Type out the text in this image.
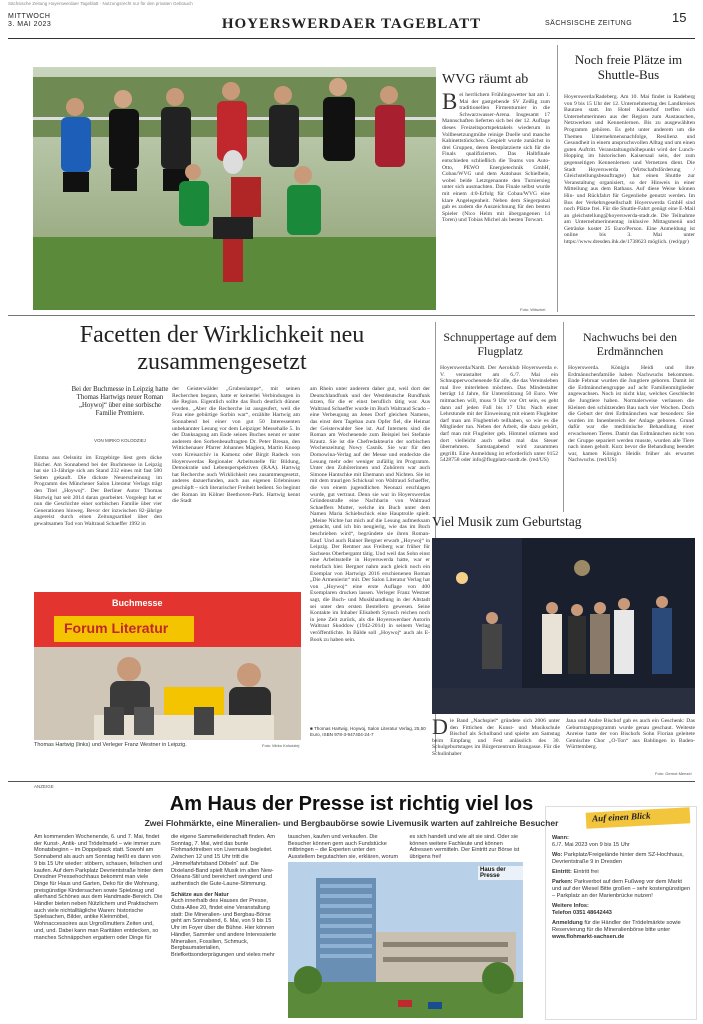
Sächsische Zeitung Hoyerswerdaer Tageblatt · Nutzungsrecht nur für den privaten Gebrauch
MITTWOCH
3. MAI 2023	HOYERSWERDAER TAGEBLATT	SÄCHSISCHE ZEITUNG	15
WVG räumt ab
B ei herrlichem Frühlingswetter hat am 1. Mai der gastgebende SV Zeißig zum traditionellen Firmenturnier in die Schwarzwasser-Arena. Insgesamt 17 Mannschaften lieferten sich bei der 12. Auflage dieses Freizeitsportspektakels wiederum in Vollbesetzungmühe reinige Duelle und manche Kabinettstückchen. Gespielt wurde zunächst in drei Gruppen, deren Bestplatzierte sich für die Finals qualifizierten. Das Halbfinale entschieden schließlich die Teams von Auto-Otto, PEWO Energietechnik GmbH, Cobau/WVG und dem Autohaus Schielbein, wobei beide Letztgenannte den Turniersieg unter sich ausmachten. Das Finale selbst wurde mit einem 4:0-Erfolg für Cobau/WVG eine klare Angelegenheit. Neben dem Siegerpokal gab es zudem die Auszeichnung für den besten Spieler (Nico Helm mit übergangenen 14 Toren) und Tobias Michel als besten Torwart.
Foto: Witschel
Noch freie Plätze im Shuttle-Bus
Hoyerswerda/Radeberg. Am 10. Mai findet in Radeberg von 9 bis 15 Uhr der 12. Unternehmertag des Landkreises Bautzen statt. Im Hotel Kaiserhof treffen sich Unternehmerinnen aus der Region zum Austauschen, Netzwerken und Kennenlernen. Bis zu ausgewählten Programm gehören. Es geht unter anderem um die Themen Unternehmensnachfolge, Resilienz und Gesundheit in einem anspruchsvollen Alltag und um einen guten Auftritt. Veranstaltungshöhepunkt wird der Lunch-Hopping im historischen Kaisersaal sein, der zum gegenseitigen Kennenlernen und Vernetzen dient. Die Stadt Hoyerswerda (Wirtschaftsförderung / Gleichstellungsbeauftragte) hat einen Shuttle zur Veranstaltung organisiert, so der Hinweis in einer Mitteilung aus dem Rathaus. Auf diese Weise können Hin- und Rückfahrt für Gegenliebe genutzt werden. Im Bus der Verkehrsgesellschaft Hoyerswerda GmbH sind noch Plätze frei. Für die Shuttle-Fahrt genügt eine E-Mail an gleichstellung@hoyerswerda-stadt.de. Die Teilnahme am Unternehmerinnentag inklusive Mittagsmenü und Getränke kostet 25 Euro/Person. Eine Anmeldung ist online bis 3. Mai unter https://www.dresden.ihk.de/1738623 möglich. (red/pgr)
Facetten der Wirklichkeit neu zusammengesetzt
Bei der Buchmesse in Leipzig hatte Thomas Hartwigs neuer Roman „Hoywoj“ über eine sorbische Familie Premiere.
VON MIRKO KOLODZIEJ
Emma aus Oelsnitz im Erzgebirge liest gern dicke Bücher. Am Sonnabend bei der Buchmesse in Leipzig hat sie 13-Jährige sich am Stand 232 eines mit fast 580 Seiten gekauft. Die dickste Neuerscheinung im Programm des Münchener Salon Literatur Verlags trägt den Titel „Hoywoj“. Der Berliner Autor Thomas Hartwig hat seit 2014 daran gearbeitet. Vorgelegt hat er nun die Geschichte einer sorbischen Familie über vier Generationen hinweg. Bevor der inzwischen 82-jährige angereist durch einen Zeitungsartikel über den gewaltsamen Tod von Waltraud Schaeffer 1992 in
der Geisterwälder „Grubenlampe“, mit seinen Recherchen begann, hatte er keinerlei Verbindungen in die Region. Eigentlich sollte das Buch deutlich dünner werden. „Aber die Recherche ist ausgeufert, weil die Frau eine gebürtige Sorbin war“, erzählte Hartwig am Sonnabend bei einer von gut 50 Interessenten unbekannter Lesung vor dem Leipziger Messehalle 5. In der Danksagung am Ende seines Buches nennt er unter anderem den Sorbenbeauftragten Dr. Peter Bresan, den Wittichenauer Pfarrer Johannes Magiera, Martin Knoop vom Kreisarchiv in Kamenz oder Birgit Radeck von Hoyerswerdas Regionaler Arbeitsstelle für Bildung, Demokratie und Lebensperspektiven (RAA). Hartwig hat Recherche auch Wirklichkeit neu zusammengesetzt, anderes dazuerfunden, auch aus eigenen Erlebnissen geschöpft – sich literarischer Freiheit bedient. So beginnt der Roman im Kölner Beethoven-Park. Hartwig kennt die Stadt
am Rhein unter anderem daher gut, weil dort der Deutschlandfunk und der Westdeutsche Rundfunk sitzen, für die er einst beruflich tätig war. Aus Waltraud Schaeffer wurde im Buch Waltraud Scado – eine Verbeugung an Jenes Dorf gleichen Namens, das einst dem Tagebau zum Opfer fiel, die Heimat der Geisterwalder See ist. Auf Internets sind die Roman am Wochenende zum Beispiel bei Stefanie Krautz. Sie ist die Chefredakteurin der sorbischen Wochenzeitung Nowy Casnik. Sie war für den Domowina-Verlag auf der Messe und entdeckte die Lesung mehr oder weniger zufällig im Programm. Unter den Zuhörerinnen und Zuhörern war auch Simone Hantschke mit Ehemann und Nichten. Sie ist mit dem traurigen Schicksal von Waltraud Schaeffer, die von einem jugendlichen Neonazi erschlagen wurde, gut vertraut. Denn sie war in Hoyerswerdas Gründenstraße eine Nachbarin von Waltraud Schaeffers Mutter, welche im Buch unter dem Namen Maria Schiebschick eine Hauptrolle spielt. „Meine Nichte hat mich auf die Lesung aufmerksam gemacht, und ich bin neugierig, wie das im Buch beschrieben wird“, begründete sie ihren Roman-Kauf. Und auch Rainer Bergner erwarb „Hoywoj“ in Leipzig. Der Rentner aus Freiberg war früher für Sachsens Oberbergamt tätig. Und weil das Sohn einst eine Arbeitsstelle in Hoyerswerda hatte, war er mehrfach hier. Bergner nahm auch gleich noch ein Exemplar von Hartwigs 2016 erschienenen Roman „Die Armenierin“ mit. Der Salon Literatur Verlag hat von „Hoywoj“ eine erste Auflage von 400 Exemplaren drucken lassen. Verleger Franz Westner sagt, die Buch- und Musikhandlung in der Altstadt sei unter den ersten Bestellern gewesen. Seine Kontakte im Inhaber Elisabeth Synuch reichen noch in jene Zeit zurück, als die Hoyerswerdaer Autorin Waltraut Skoddow (1942-2014) in seinem Verlag veröffentlichte. In Bälde soll „Hoywoj“ auch als E-Book zu haben sein.
■ Thomas Hartwig, Hoywoj, Salon Literatur Verlag, 25,50 Euro, ISBN 978-3-947404-24-7
Buchmesse
Forum Literatur
Thomas Hartwig (links) und Verleger Franz Westner in Leipzig.	Foto: Mirko Kolodziej
Schnuppertage auf dem Flugplatz
Hoyerswerda/Nardt. Der Aeroklub Hoyerswerda e. V. veranstaltet am 6./7. Mai ein Schnupperwochenende für alle, die das Vereinsleben mal live miterleben möchten. Das Mindestalter beträgt 14 Jahre, für Unterstützung 50 Euro. Wer mitmachen will, muss 9 Uhr vor Ort sein, es geht dann auf jeden Fall bis 17 Uhr. Nach einer Lehrstunde mit der Einweisung mit einem Flugleiter darf man am Flugbetrieb teilhaben, so wie es die Mitglieder tun. Neben der Arbeit, die dazu gehört, darf man mit Flugleiter geb. Himmel stürmen und dort vielleicht auch selbst mal das Steuer übernehmen. Samstagabend wird zusammen gegrillt. Eine Anmeldung ist erforderlich unter 0152 5428758 oder info@flugplatz-nardt.de. (red/US)
Nachwuchs bei den Erdmännchen
Hoyerswerda. Königin Heidi und ihre Erdmännchenfamilie haben Nachwuchs bekommen. Ende Februar wurden die Jungtiere geboren. Damit ist die Erdmännchengruppe auf acht Familienmitglieder angewachsen. Noch ist nicht klar, welches Geschlecht die Jungtiere haben. Normalerweise verlassen die Kleinen den schützenden Bau nach vier Wochen. Doch die Geburt der drei Erdmännchen war besonders: Sie wurden im Innenbereich der Anlage geboren. Grund dafür war die meditinische Behandlung einer erwachsenen Tieres. Damit das Erdmännchen nicht von der Gruppe separiert werden musste, wurden alle Tiere nach innen geholt. Kurz bevor die Behandlung beendet war, kamen Königin Heidis früher als erwartet Nachwuchs. (red/US)
Viel Musik zum Geburtstag
D ie Band „Nachspiel“ gründete sich 2006 unter den Fittichen der Kunst- und Musikschule Bischof als Schulband und spielte am Samstag beim Empfang und Fest anlässlich des 30. Schulgeburtstages im Bürgerzentrum Braugasse. Für die Schulinhaber
Jana und Andre Bischof gab es auch ein Geschenk: Das Geburtstagsprogramm wurde genau geschaut. Weiteste Anreise hatte der von Bischofs Sohn Florian geleitete Gemischte Chor „O-Ton“ aus Bahlingen in Baden-Württemberg.
Foto: Gernot Menzel
ANZEIGE
Am Haus der Presse ist richtig viel los
Zwei Flohmärkte, eine Mineralien- und Bergbaubörse sowie Livemusik warten auf zahlreiche Besucher
Am kommenden Wochenende, 6. und 7. Mai, findet der Kunst-, Antik- und Trödelmarkt – wie immer zum Monatsbeginn – im Doppelpack statt. Sowohl am Sonnabend als auch am Sonntag heißt es dann von 9 bis 15 Uhr wieder: stöbern, schauen, feilschen und kaufen. Auf dem Parkplatz Devrientstraße hinter dem Dresdner Pressehochhaus bekommt man viele Dinge für Haus und Garten, Deko für die Wohnung, preisgünstige Kindersachen sowie Spielzeug und allerhand Schönes aus dem Handmade-Bereich. Die Händler bieten neben Nützlichem und Praktischem auch viele nichtalltägliche Waren: historische Spielsachen, Bilder, antike Kleinmöbel, Wohnaccessoires aus Urgroßmutters Zeiten und, und, und. Dabei kann man Raritäten entdecken, so manches Schnäppchen ergattern oder Dinge für
die eigene Sammelleidenschaft finden. Am Sonntag, 7. Mai, wird das bunte Flohmarkttreiben von Livemusik begleitet. Zwischen 12 und 15 Uhr tritt die „Himmelfahrtsband Döbeln“ auf. Die Dixieland-Band spielt Musik im alten New-Orleans-Stil und bereichert swingend und authentisch die Gute-Laune-Stimmung.
Schätze aus der Natur
Auch innerhalb des Hauses der Presse, Ostra-Allee 20, findet eine Veranstaltung statt: Die Mineralien- und Bergbau-Börse geht am Sonnabend, 6. Mai, von 9 bis 15 Uhr im Foyer über die Bühne. Hier können Händler, Sammler und andere Interessierte Mineralien, Fossilien, Schmuck, Bergbaumaterialien, Briefkettsonderprägungen und vieles mehr
tauschen, kaufen und verkaufen. Die Besucher können gern auch Fundstücke mitbringen – die Experten unter den Ausstellern begutachten sie, erklären, worum es sich handelt und wie alt sie sind. Oder sie können weitere Fachleute und können Adressen vermitteln. Der Eintritt zur Börse ist übrigens frei!
Haus der Presse
Auf einen Blick
Wann:
6./7. Mai 2023 von 9 bis 15 Uhr
Wo: Parkplatz/Freigelände hinter dem SZ-Hochhaus, Devrientstraße 9 in Dresden
Eintritt: Eintritt frei
Parken: Parkverbot auf dem Fußweg vor dem Markt und auf der Wiesel Bitte großen – sehr kostengünstigen – Parkplatz an der Marienbrücke nutzen!
Weitere Infos:
Telefon 0351 48642443
Anmeldung für die Händler der Trödelmärkte sowie Reservierung für die Mineralienbörse bitte unter
www.flohmarkt-sachsen.de
